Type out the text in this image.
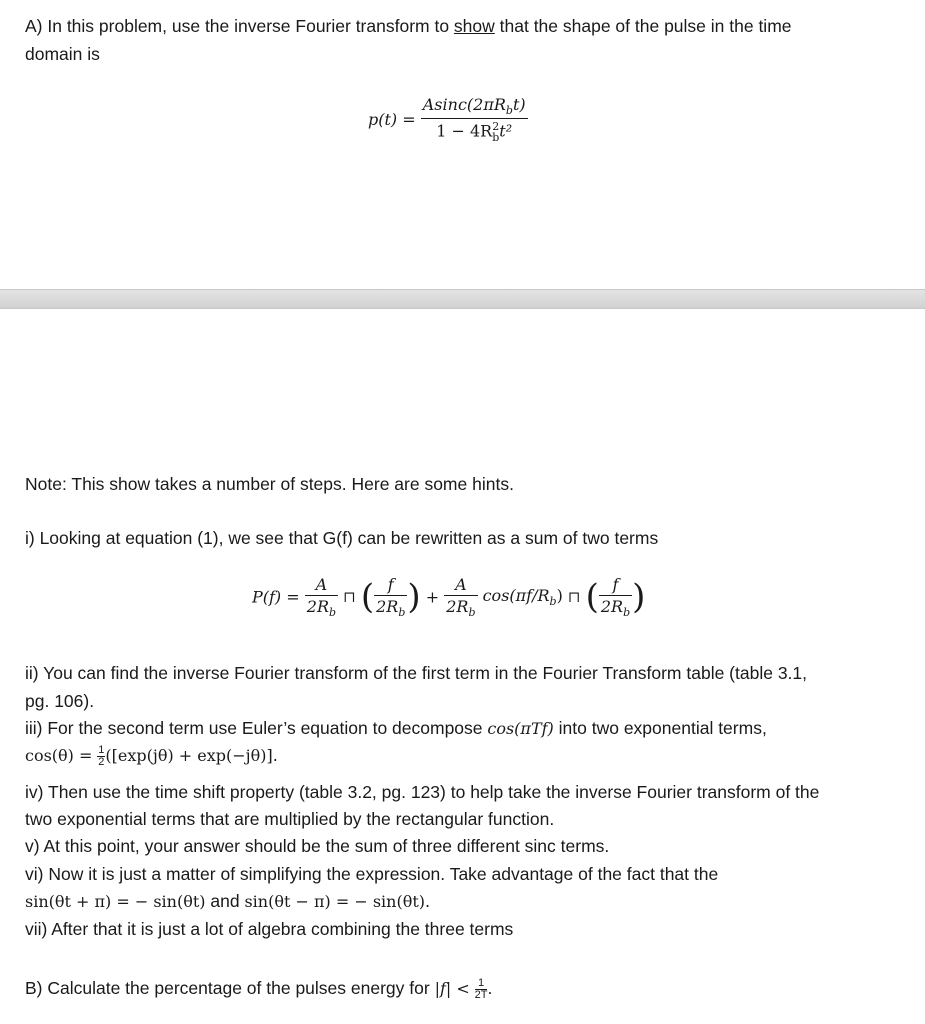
A) In this problem, use the inverse Fourier transform to show that the shape of the pulse in the time
domain is
$p(t) = \frac{Asinc(2\pi R_bt)}{1 - 4R^2_bt^2}$
Note: This show takes a number of steps. Here are some hints.
i) Looking at equation (1), we see that G(f) can be rewritten as a sum of two terms
$P(f) = \frac{A}{2R_b}$ ⊓ ( $\frac{f}{2R_b}$ ) + $\frac{A}{2R_b} \cos(\pi f/R_b)$ ⊓ ( $\frac{f}{2R_b}$ )
ii) You can find the inverse Fourier transform of the first term in the Fourier Transform table (table 3.1,
pg. 106).
iii) For the second term use Euler’s equation to decompose cos(πTf) into two exponential terms,
$\cos(\theta) = \frac{1}{2} ([\exp(j\theta) + \exp(-j\theta)]$.
iv) Then use the time shift property (table 3.2, pg. 123) to help take the inverse Fourier transform of the
two exponential terms that are multiplied by the rectangular function.
v) At this point, your answer should be the sum of three different sinc terms.
vi) Now it is just a matter of simplifying the expression. Take advantage of the fact that the
sin(θt + π) = − sin(θt) and sin(θt − π) = − sin(θt).
vii) After that it is just a lot of algebra combining the three terms
B) Calculate the percentage of the pulses energy for $|f| < \frac{1}{2T}$ .
